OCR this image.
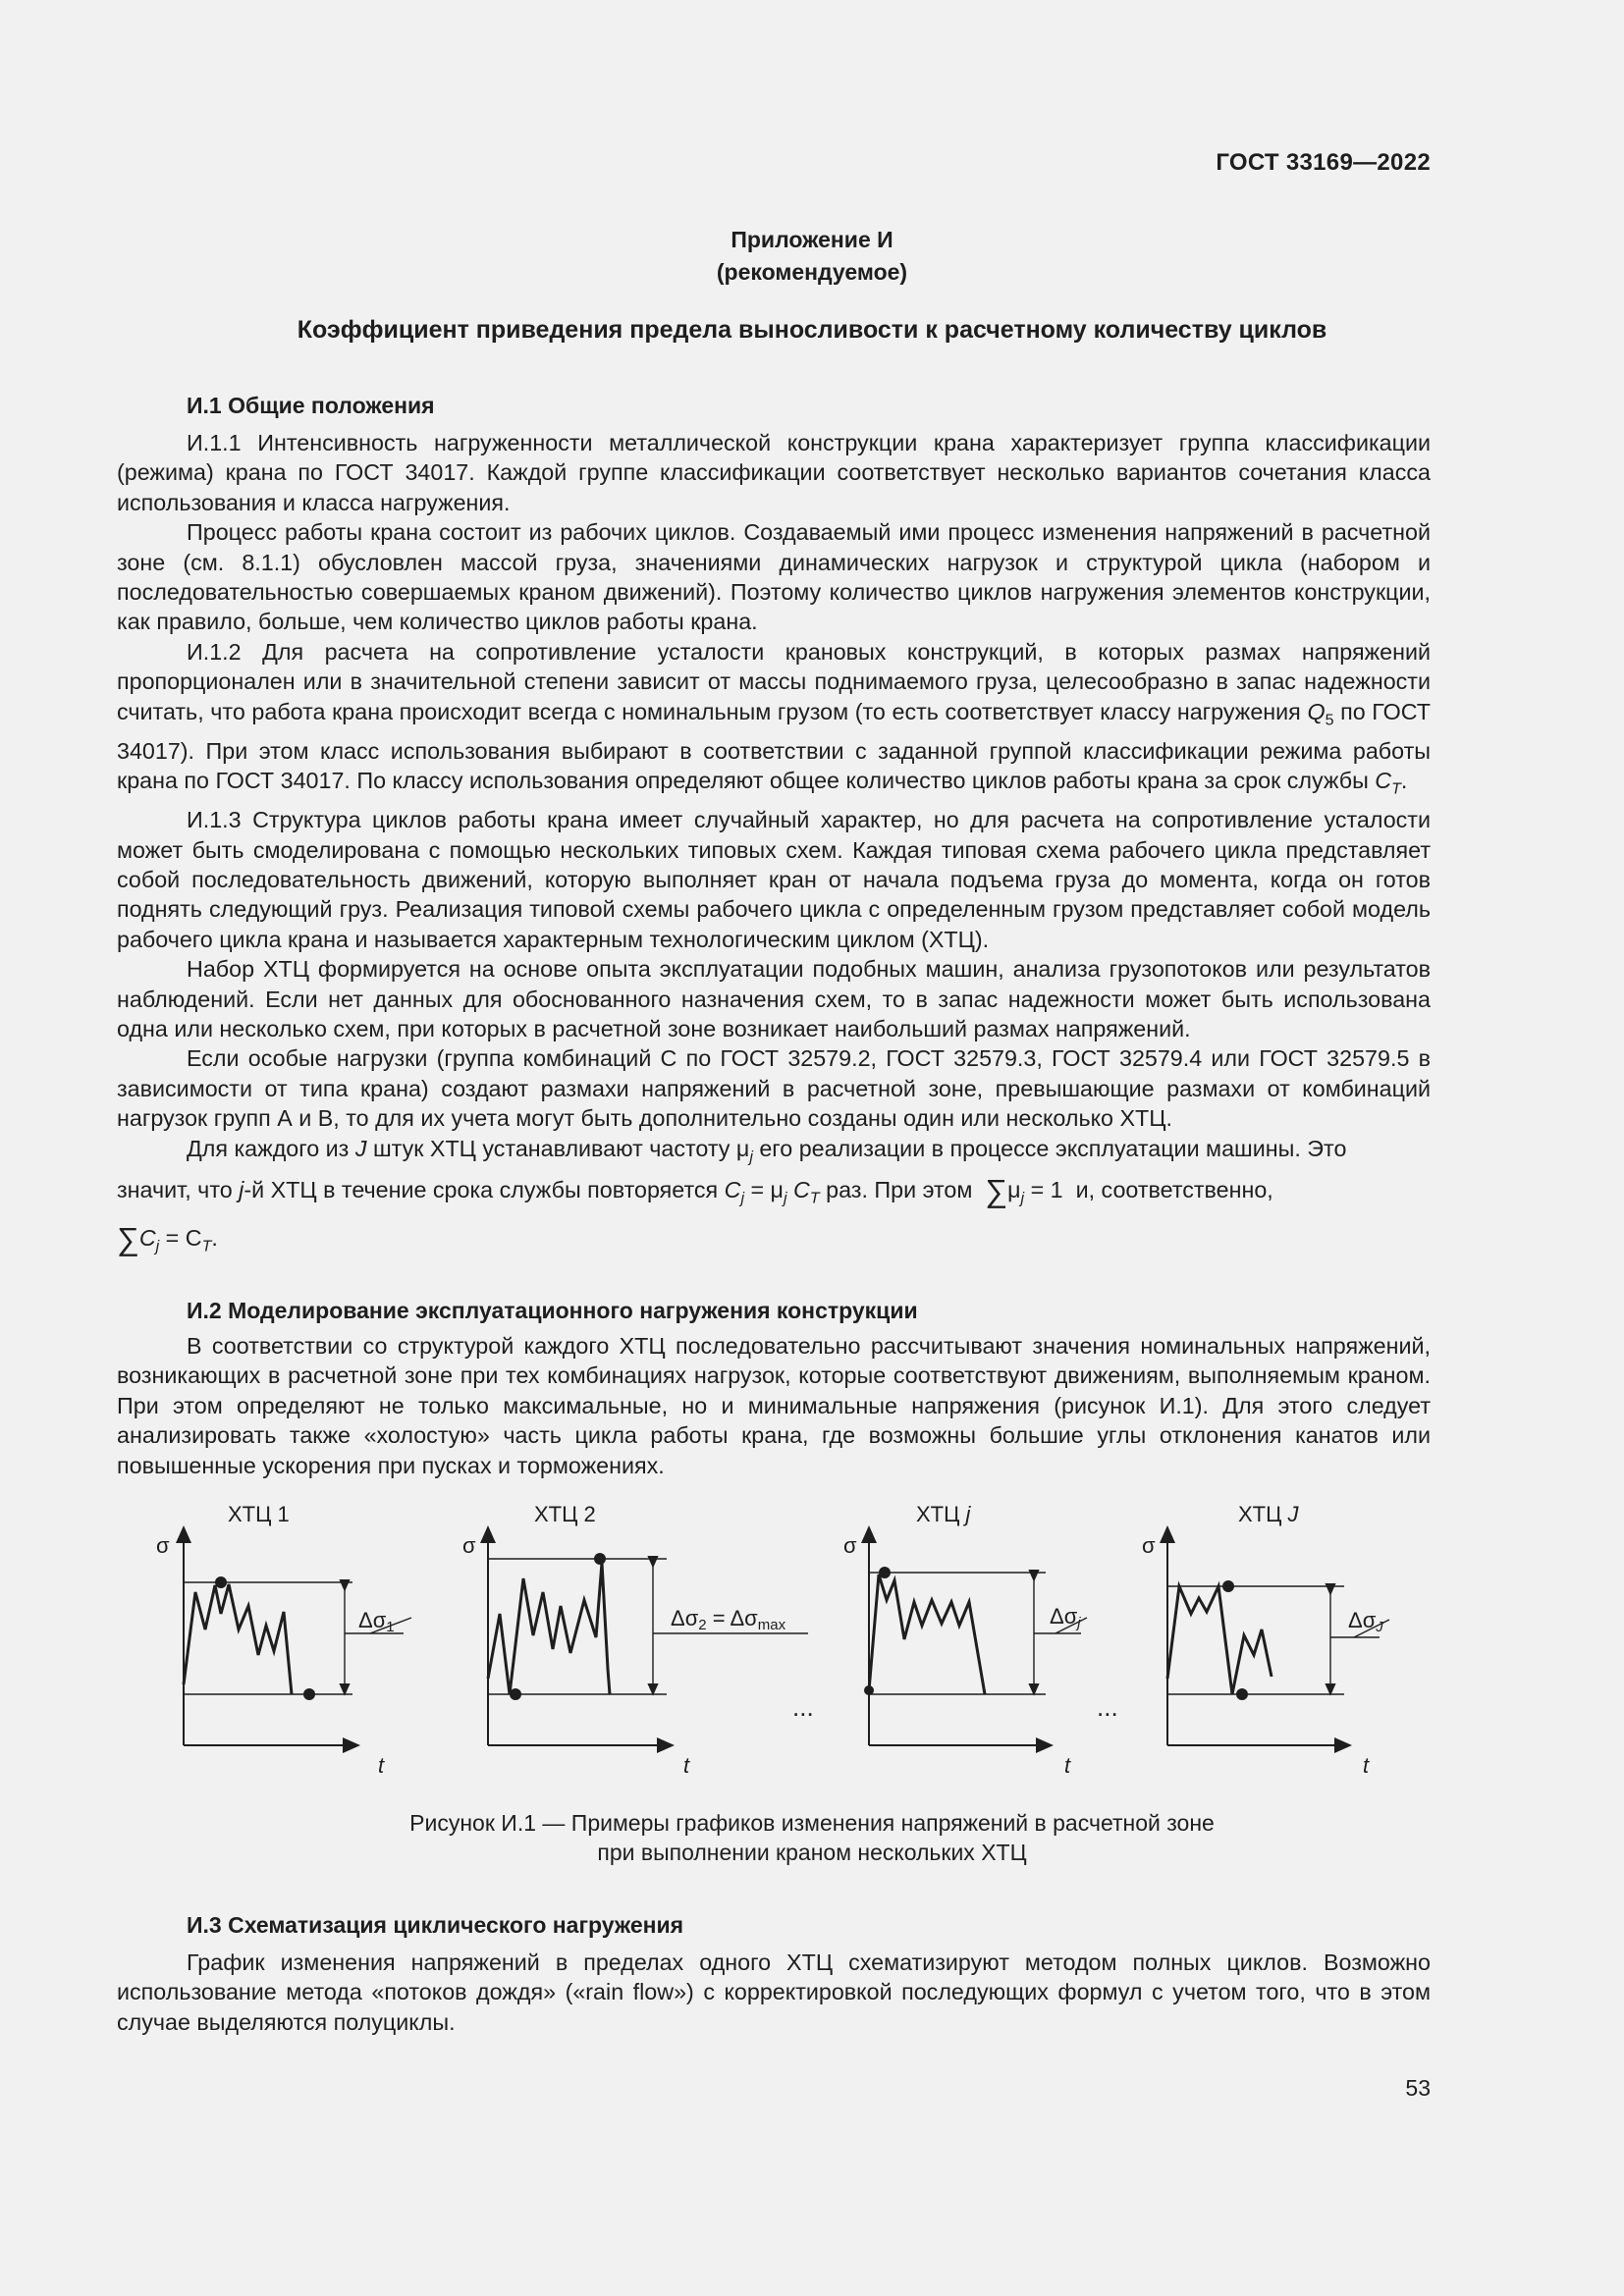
ГОСТ 33169—2022
Приложение И
(рекомендуемое)
Коэффициент приведения предела выносливости к расчетному количеству циклов
И.1 Общие положения

И.1.1 Интенсивность нагруженности металлической конструкции крана характеризует группа классификации (режима) крана по ГОСТ 34017. Каждой группе классификации соответствует несколько вариантов сочетания класса использования и класса нагружения.

Процесс работы крана состоит из рабочих циклов. Создаваемый ими процесс изменения напряжений в расчетной зоне (см. 8.1.1) обусловлен массой груза, значениями динамических нагрузок и структурой цикла (набором и последовательностью совершаемых краном движений). Поэтому количество циклов нагружения элементов конструкции, как правило, больше, чем количество циклов работы крана.

И.1.2 Для расчета на сопротивление усталости крановых конструкций, в которых размах напряжений пропорционален или в значительной степени зависит от массы поднимаемого груза, целесообразно в запас надежности считать, что работа крана происходит всегда с номинальным грузом (то есть соответствует классу нагружения $Q_5$ по ГОСТ 34017). При этом класс использования выбирают в соответствии с заданной группой классификации режима работы крана по ГОСТ 34017. По классу использования определяют общее количество циклов работы крана за срок службы $C_T$.

И.1.3 Структура циклов работы крана имеет случайный характер, но для расчета на сопротивление усталости может быть смоделирована с помощью нескольких типовых схем. Каждая типовая схема рабочего цикла представляет собой последовательность движений, которую выполняет кран от начала подъема груза до момента, когда он готов поднять следующий груз. Реализация типовой схемы рабочего цикла с определенным грузом представляет собой модель рабочего цикла крана и называется характерным технологическим циклом (ХТЦ).

Набор ХТЦ формируется на основе опыта эксплуатации подобных машин, анализа грузопотоков или результатов наблюдений. Если нет данных для обоснованного назначения схем, то в запас надежности может быть использована одна или несколько схем, при которых в расчетной зоне возникает наибольший размах напряжений.

Если особые нагрузки (группа комбинаций С по ГОСТ 32579.2, ГОСТ 32579.3, ГОСТ 32579.4 или ГОСТ 32579.5 в зависимости от типа крана) создают размахи напряжений в расчетной зоне, превышающие размахи от комбинаций нагрузок групп А и В, то для их учета могут быть дополнительно созданы один или несколько ХТЦ.

Для каждого из J штук ХТЦ устанавливают частоту $\mu_j$ его реализации в процессе эксплуатации машины. Это

значит, что j-й ХТЦ в течение срока службы повторяется $C_j = \mu_j$ $C_T$ раз. При этом $\sum\mu_j = 1$ и, соответственно,

$\sum C_j = C_T$.

И.2 Моделирование эксплуатационного нагружения конструкции

В соответствии со структурой каждого ХТЦ последовательно рассчитывают значения номинальных напряжений, возникающих в расчетной зоне при тех комбинациях нагрузок, которые соответствуют движениям, выполняемым краном. При этом определяют не только максимальные, но и минимальные напряжения (рисунок И.1). Для этого следует анализировать также «холостую» часть цикла работы крана, где возможны большие углы отклонения канатов или повышенные ускорения при пусках и торможениях.

ХТЦ 1	ХТЦ 2	ХТЦ j	ХТЦ J
σ	σ	σ	σ
t	t	t	t
Δσ1	Δσ2 = Δσmax	Δσj	ΔσJ
...	...
Рисунок И.1 — Примеры графиков изменения напряжений в расчетной зоне
при выполнении краном нескольких ХТЦ
И.3 Схематизация циклического нагружения

График изменения напряжений в пределах одного ХТЦ схематизируют методом полных циклов. Возможно использование метода «потоков дождя» («rain flow») с корректировкой последующих формул с учетом того, что в этом случае выделяются полуциклы.

53
